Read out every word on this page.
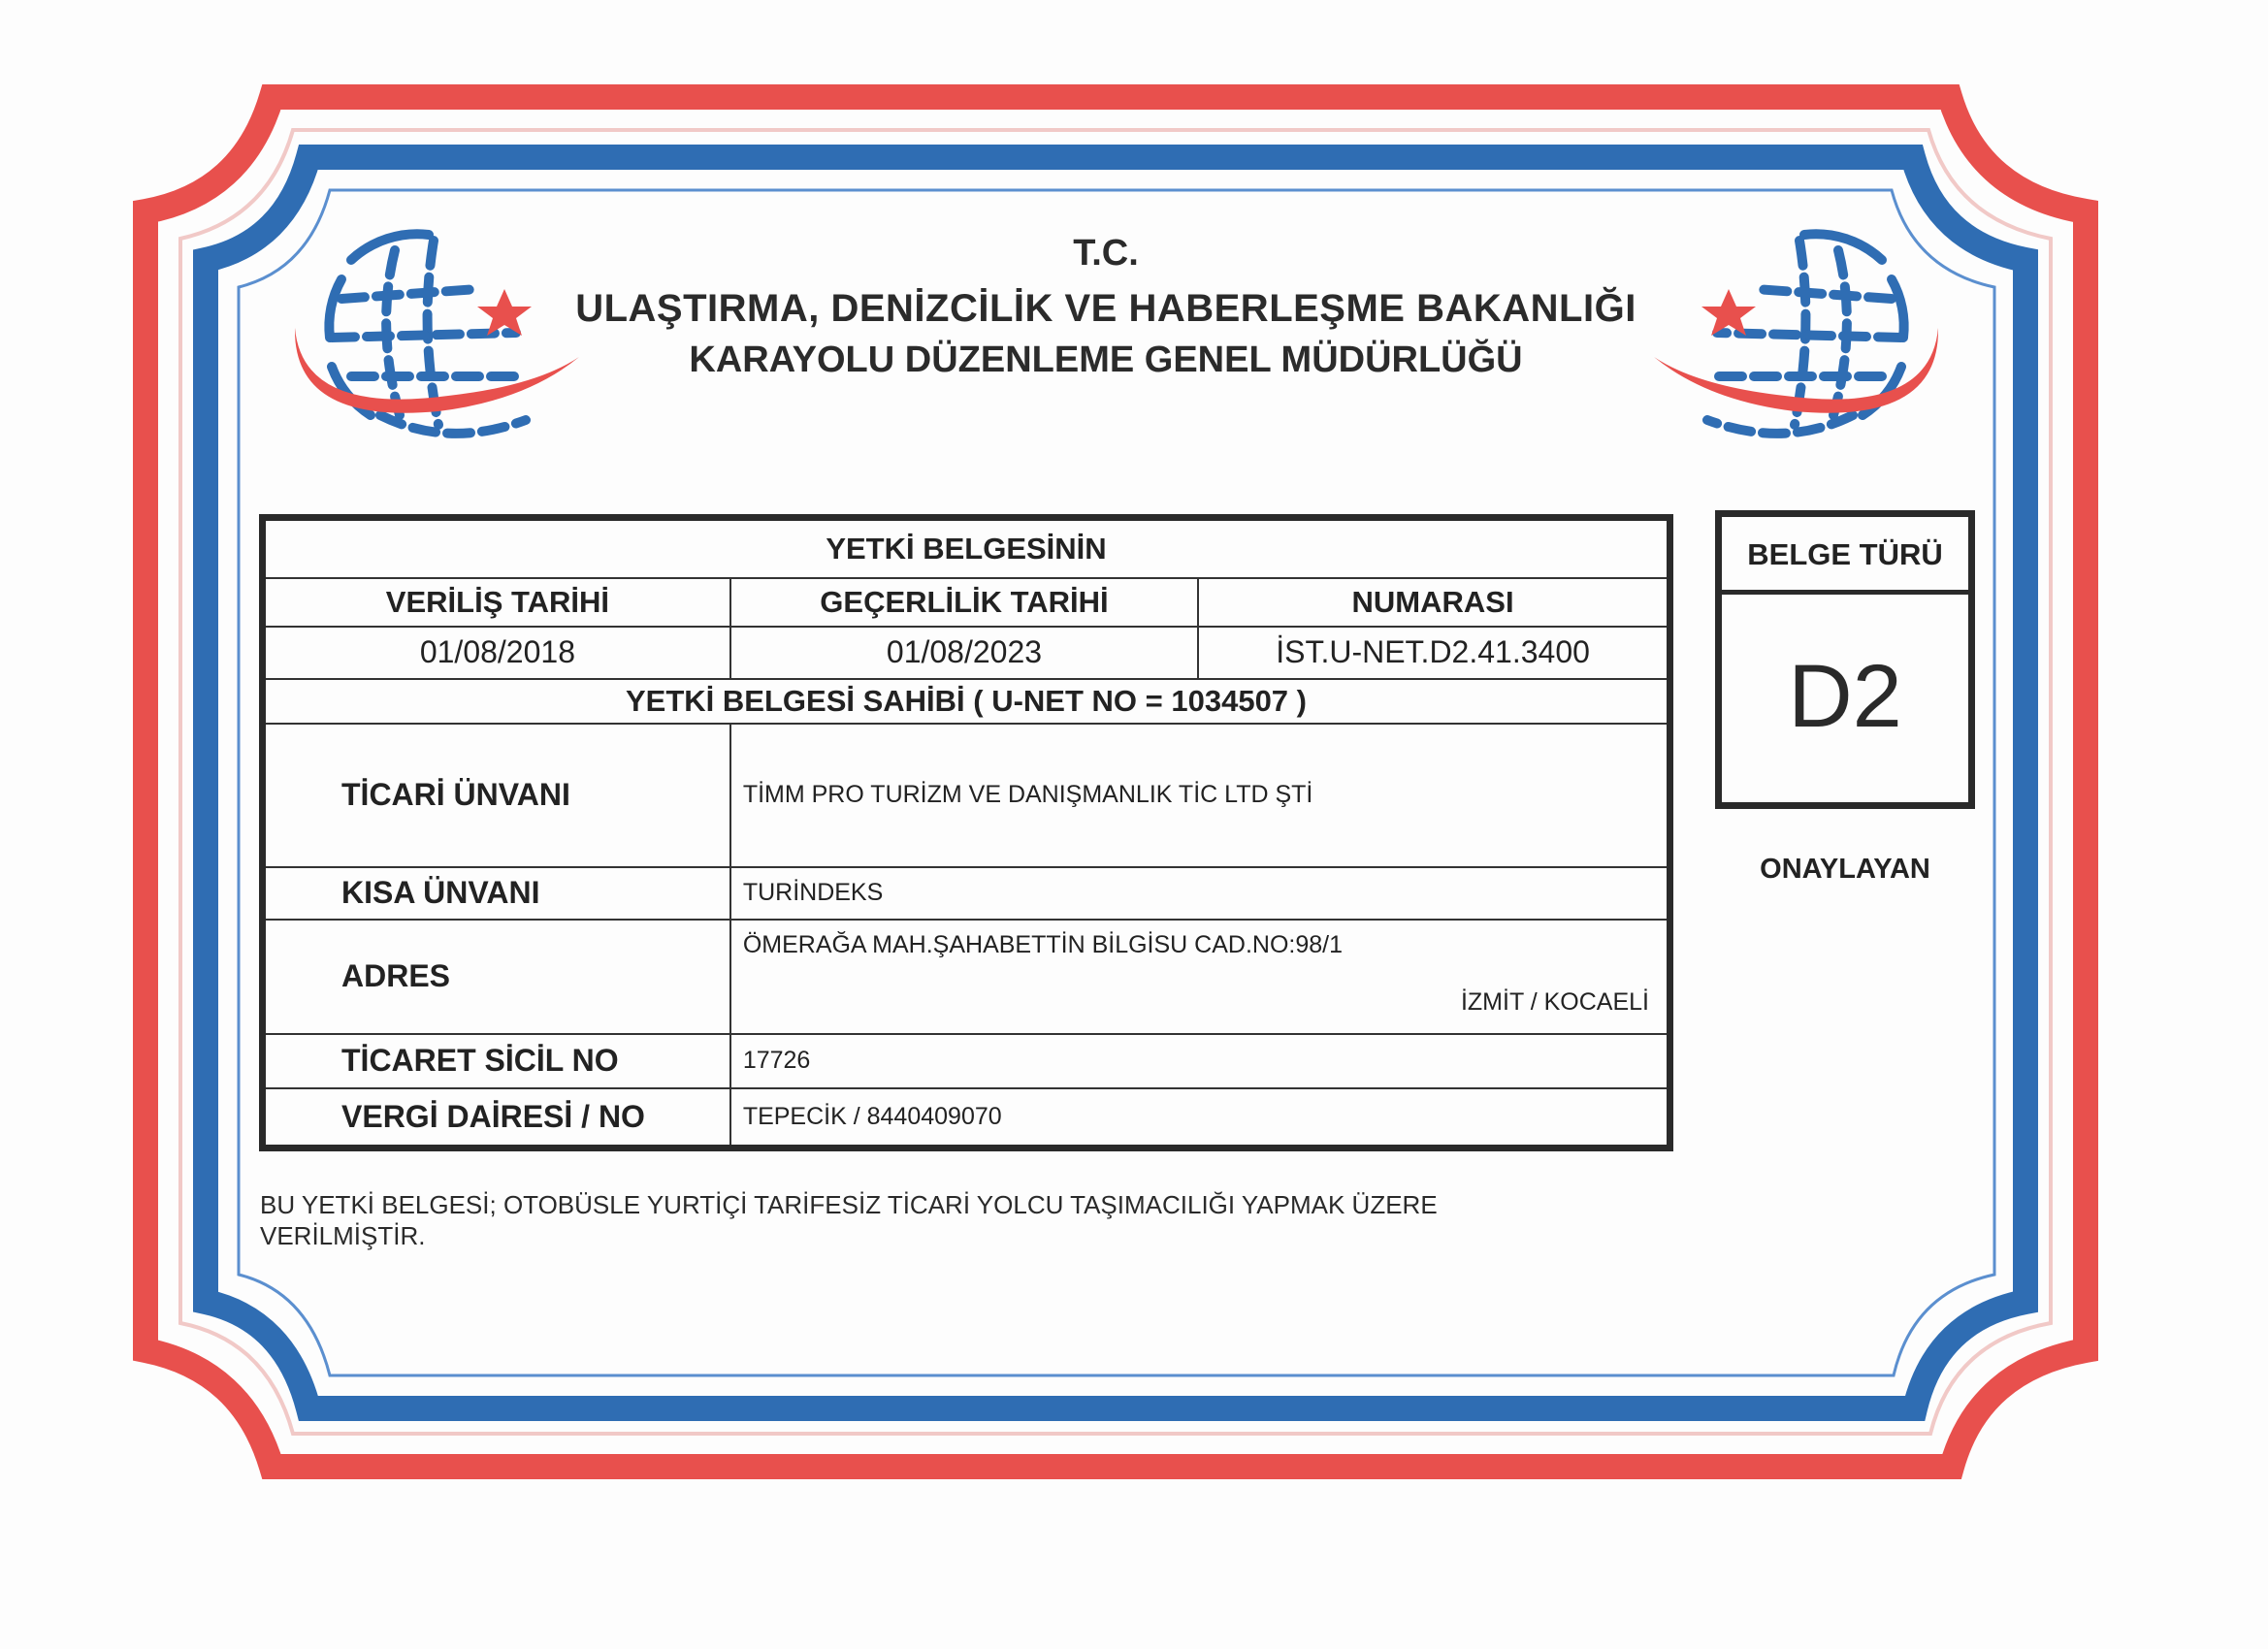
T.C.
ULAŞTIRMA, DENİZCİLİK VE HABERLEŞME BAKANLIĞI
KARAYOLU DÜZENLEME GENEL MÜDÜRLÜĞÜ
YETKİ BELGESİNİN		
VERİLİŞ TARİHİ	GEÇERLİLİK TARİHİ	NUMARASI
01/08/2018	01/08/2023	İST.U-NET.D2.41.3400
YETKİ BELGESİ SAHİBİ ( U-NET NO = 1034507 )		
TİCARİ ÜNVANI	TİMM PRO TURİZM VE DANIŞMANLIK TİC LTD ŞTİ	
KISA ÜNVANI	TURİNDEKS	
ADRES	ÖMERAĞA MAH.ŞAHABETTİN BİLGİSU CAD.NO:98/1
İZMİT / KOCAELİ	

TİCARET SİCİL NO	17726	
VERGİ DAİRESİ / NO	TEPECİK / 8440409070	
BELGE TÜRÜ
D2
ONAYLAYAN
BU YETKİ BELGESİ; OTOBÜSLE YURTİÇİ TARİFESİZ TİCARİ YOLCU TAŞIMACILIĞI YAPMAK ÜZERE VERİLMİŞTİR.
